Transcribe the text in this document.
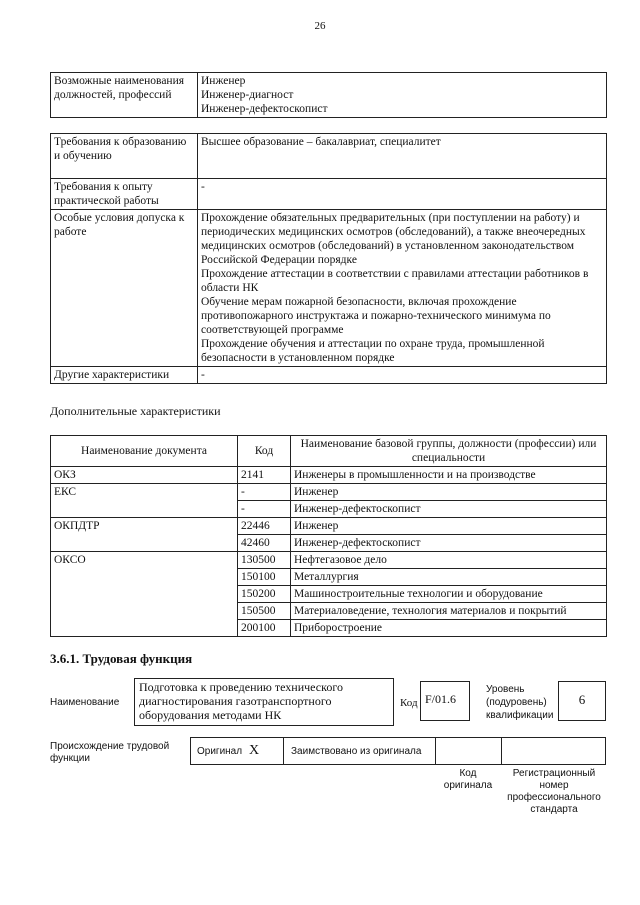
26
Возможные наименования должностей, профессий	Инженер
Инженер-диагност
Инженер-дефектоскопист
Требования к образованию и обучению	Высшее образование – бакалавриат, специалитет
Требования к опыту практической работы	-
Особые условия допуска к работе	Прохождение обязательных предварительных (при поступлении на работу) и периодических медицинских осмотров (обследований), а также внеочередных медицинских осмотров (обследований) в установленном законодательством Российской Федерации порядке
Прохождение аттестации в соответствии с правилами аттестации работников в области НК
Обучение мерам пожарной безопасности, включая прохождение противопожарного инструктажа и пожарно-технического минимума по соответствующей программе
Прохождение обучения и аттестации по охране труда, промышленной безопасности в установленном порядке
Другие характеристики	-
Дополнительные характеристики
Наименование документа	Код	Наименование базовой группы, должности (профессии) или специальности
ОКЗ	2141	Инженеры в промышленности и на производстве
ЕКС	-	Инженер
	-	Инженер-дефектоскопист
ОКПДТР	22446	Инженер
	42460	Инженер-дефектоскопист
ОКСО	130500	Нефтегазовое дело
	150100	Металлургия
	150200	Машиностроительные технологии и оборудование
	150500	Материаловедение, технология материалов и покрытий
	200100	Приборостроение
3.6.1. Трудовая функция
Наименование
Подготовка к проведению технического диагностирования газотранспортного оборудования методами НК
Код F/01.6
Уровень (подуровень) квалификации
6
Происхождение трудовой функции
Оригинал X	Заимствовано из оригинала
Код оригинала
Регистрационный номер профессионального стандарта
